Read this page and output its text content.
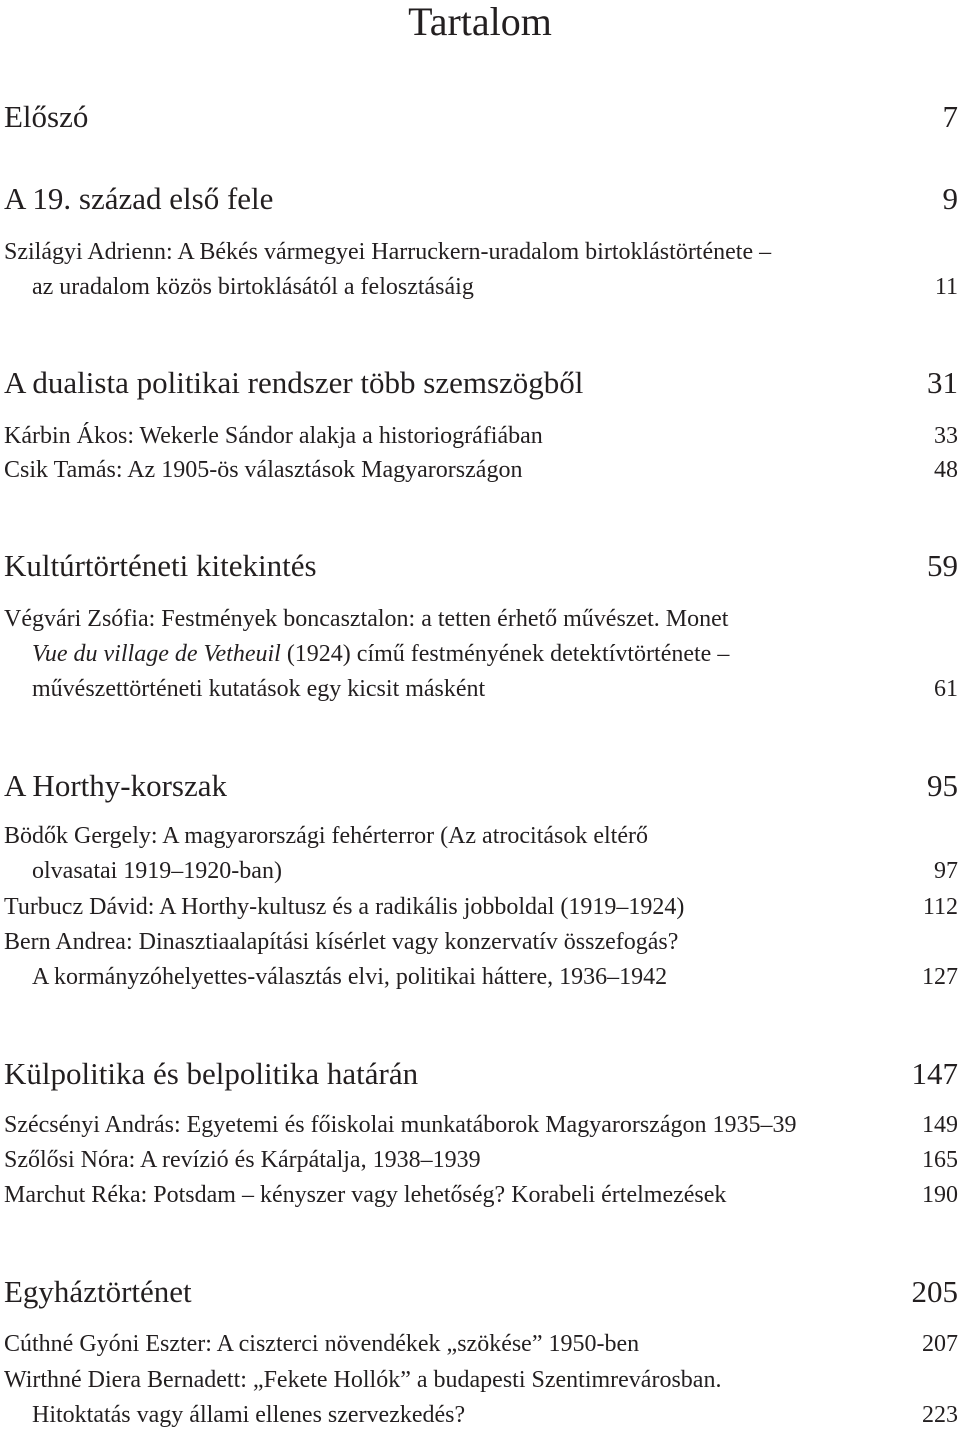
Tartalom
Előszó	7
A 19. század első fele	9
Szilágyi Adrienn: A Békés vármegyei Harruckern-uradalom birtoklástörténete –
az uradalom közös birtoklásától a felosztásáig	11
A dualista politikai rendszer több szemszögből	31
Kárbin Ákos: Wekerle Sándor alakja a historiográfiában	33
Csik Tamás: Az 1905-ös választások Magyarországon	48
Kultúrtörténeti kitekintés	59
Végvári Zsófia: Festmények boncasztalon: a tetten érhető művészet. Monet
Vue du village de Vetheuil (1924) című festményének detektívtörténete –
művészettörténeti kutatások egy kicsit másként	61
A Horthy-korszak	95
Bödők Gergely: A magyarországi fehérterror (Az atrocitások eltérő
olvasatai 1919–1920-ban)	97
Turbucz Dávid: A Horthy-kultusz és a radikális jobboldal (1919–1924)	112
Bern Andrea: Dinasztiaalapítási kísérlet vagy konzervatív összefogás?
A kormányzóhelyettes-választás elvi, politikai háttere, 1936–1942	127
Külpolitika és belpolitika határán	147
Szécsényi András: Egyetemi és főiskolai munkatáborok Magyarországon 1935–39	149
Szőlősi Nóra: A revízió és Kárpátalja, 1938–1939	165
Marchut Réka: Potsdam – kényszer vagy lehetőség? Korabeli értelmezések	190
Egyháztörténet	205
Cúthné Gyóni Eszter: A ciszterci növendékek „szökése” 1950-ben	207
Wirthné Diera Bernadett: „Fekete Hollók” a budapesti Szentimrevárosban.
Hitoktatás vagy állami ellenes szervezkedés?	223
